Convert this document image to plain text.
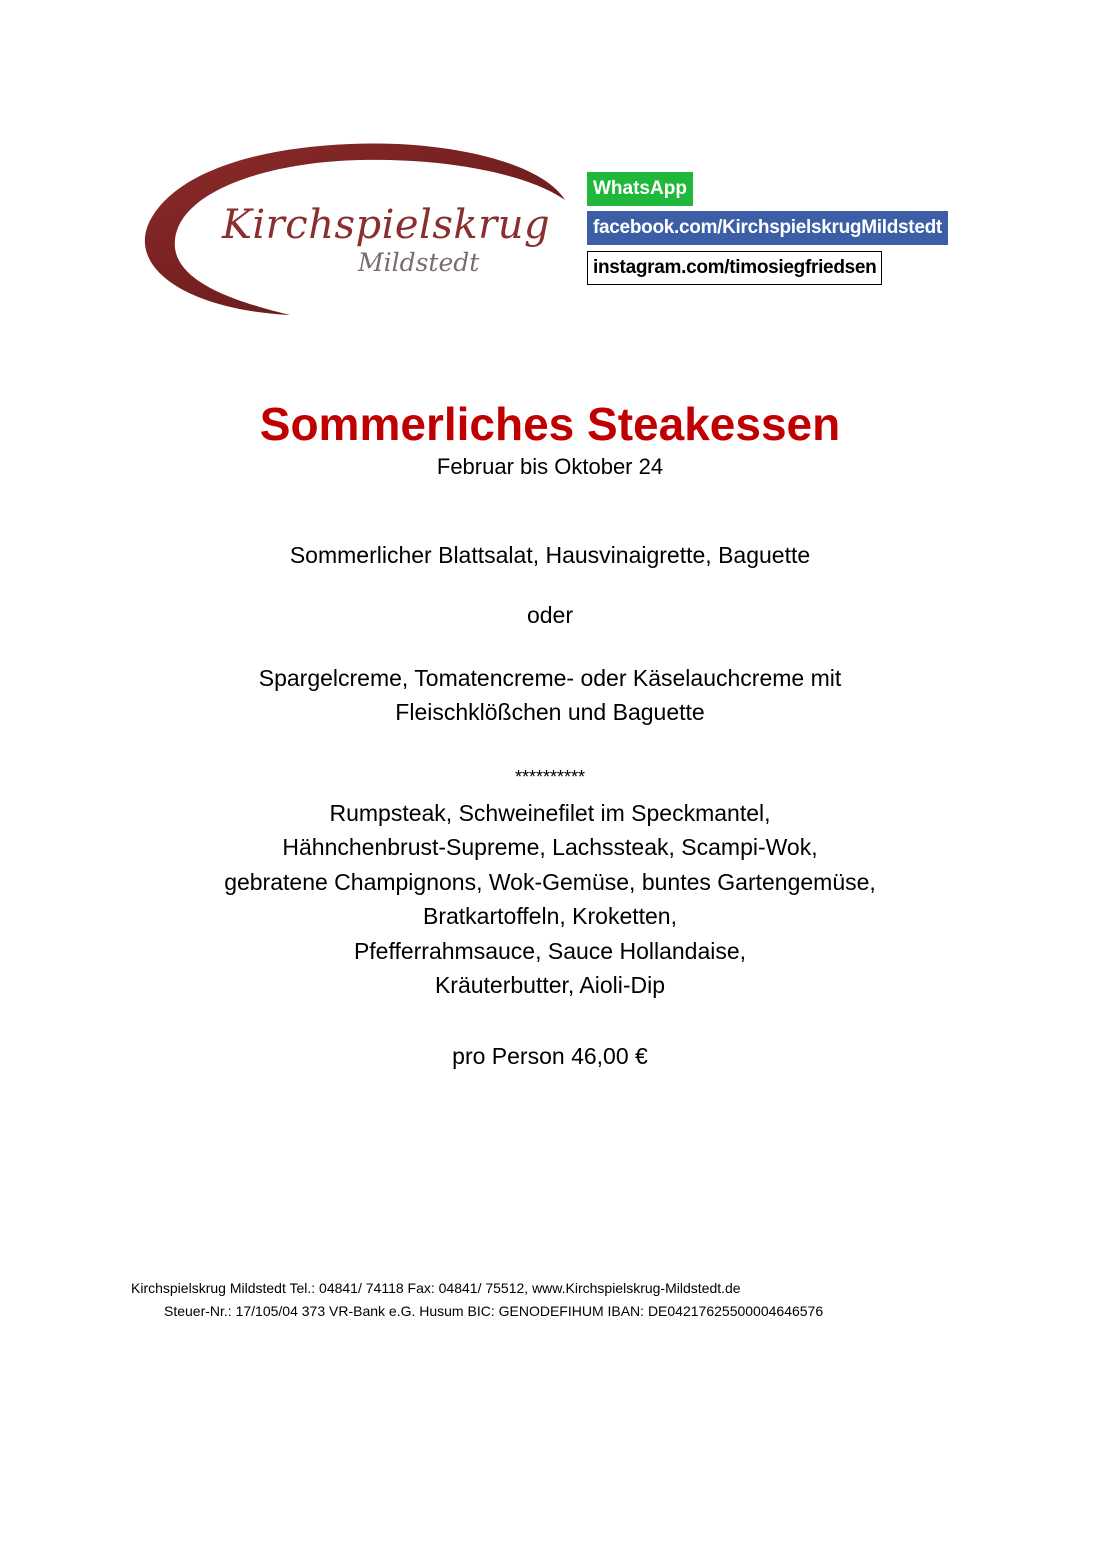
Kirchspielskrug
Mildstedt
WhatsApp
facebook.com/KirchspielskrugMildstedt
instagram.com/timosiegfriedsen
Sommerliches Steakessen
Februar bis Oktober 24
Sommerlicher Blattsalat, Hausvinaigrette, Baguette
oder
Spargelcreme, Tomatencreme- oder Käselauchcreme mit
Fleischklößchen und Baguette
**********
Rumpsteak, Schweinefilet im Speckmantel,
Hähnchenbrust-Supreme, Lachssteak, Scampi-Wok,
gebratene Champignons, Wok-Gemüse, buntes Gartengemüse,
Bratkartoffeln, Kroketten,
Pfefferrahmsauce, Sauce Hollandaise,
Kräuterbutter, Aioli-Dip
pro Person 46,00 €
Kirchspielskrug Mildstedt Tel.: 04841/ 74118 Fax: 04841/ 75512, www.Kirchspielskrug-Mildstedt.de
Steuer-Nr.: 17/105/04 373 VR-Bank e.G. Husum BIC: GENODEFIHUM IBAN: DE04217625500004646576
